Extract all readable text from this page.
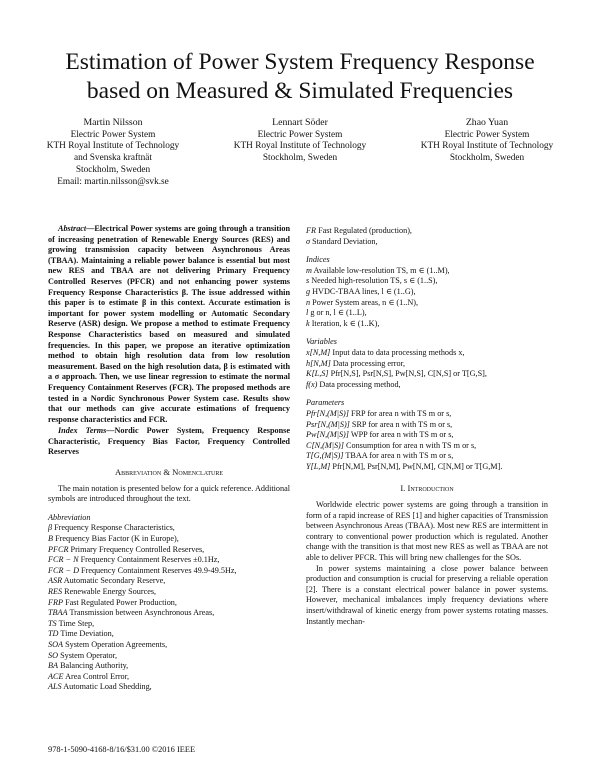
Estimation of Power System Frequency Response
based on Measured & Simulated Frequencies
Martin Nilsson
Electric Power System
KTH Royal Institute of Technology
and Svenska kraftnät
Stockholm, Sweden
Email: martin.nilsson@svk.se
Lennart Söder
Electric Power System
KTH Royal Institute of Technology
Stockholm, Sweden
Zhao Yuan
Electric Power System
KTH Royal Institute of Technology
Stockholm, Sweden

Abstract—Electrical Power systems are going through a transition of increasing penetration of Renewable Energy Sources (RES) and growing transmission capacity between Asynchronous Areas (TBAA). Maintaining a reliable power balance is essential but most new RES and TBAA are not delivering Primary Frequency Controlled Reserves (PFCR) and not enhancing power systems Frequency Response Characteristics β. The issue addressed within this paper is to estimate β in this context. Accurate estimation is important for power system modelling or Automatic Secondary Reserve (ASR) design. We propose a method to estimate Frequency Response Characteristics based on measured and simulated frequencies. In this paper, we propose an iterative optimization method to obtain high resolution data from low resolution measurement. Based on the high resolution data, β is estimated with a σ approach. Then, we use linear regression to estimate the normal Frequency Containment Reserves (FCR). The proposed methods are tested in a Nordic Synchronous Power System case. Results show that our methods can give accurate estimations of frequency response characteristics and FCR.

Index Terms—Nordic Power System, Frequency Response Characteristic, Frequency Bias Factor, Frequency Controlled Reserves

Abbreviation & Nomenclature

The main notation is presented below for a quick reference. Additional symbols are introduced throughout the text.

Abbreviation
β Frequency Response Characteristics,
B Frequency Bias Factor (K in Europe),
PFCR Primary Frequency Controlled Reserves,
FCR − N Frequency Containment Reserves ±0.1Hz,
FCR − D Frequency Containment Reserves 49.9-49.5Hz,
ASR Automatic Secondary Reserve,
RES Renewable Energy Sources,
FRP Fast Regulated Power Production,
TBAA Transmission between Asynchronous Areas,
TS Time Step,
TD Time Deviation,
SOA System Operation Agreements,
SO System Operator,
BA Balancing Authority,
ACE Area Control Error,
ALS Automatic Load Shedding,
FR Fast Regulated (production),
σ Standard Deviation,
Indices
m Available low-resolution TS, m ∈ (1..M),
s Needed high-resolution TS, s ∈ (1..S),
g HVDC-TBAA lines, l ∈ (1..G),
n Power System areas, n ∈ (1..N),
l g or n, l ∈ (1..L),
k Iteration, k ∈ (1..K),
Variables
x[N,M] Input data to data processing methods x,
h[N,M] Data processing error,
K[L,S] Pfr[N,S], Psr[N,S], Pw[N,S], C[N,S] or T[G,S],
f(x) Data processing method,
Parameters
Pfr[N,(M|S)] FRP for area n with TS m or s,
Psr[N,(M|S)] SRP for area n with TS m or s,
Pw[N,(M|S)] WPP for area n with TS m or s,
C[N,(M|S)] Consumption for area n with TS m or s,
T[G,(M|S)] TBAA for area n with TS m or s,
Y[L,M] Pfr[N,M], Psr[N,M], Pw[N,M], C[N,M] or T[G,M].
I. Introduction

Worldwide electric power systems are going through a transition in form of a rapid increase of RES [1] and higher capacities of Transmission between Asynchronous Areas (TBAA). Most new RES are intermittent in contrary to conventional power production which is regulated. Another change with the transition is that most new RES as well as TBAA are not able to deliver PFCR. This will bring new challenges for the SOs.

In power systems maintaining a close power balance between production and consumption is crucial for preserving a reliable operation [2]. There is a constant electrical power balance in power systems. However, mechanical imbalances imply frequency deviations where insert/withdrawal of kinetic energy from power systems rotating masses. Instantly mechan-

978-1-5090-4168-8/16/$31.00 ©2016 IEEE
